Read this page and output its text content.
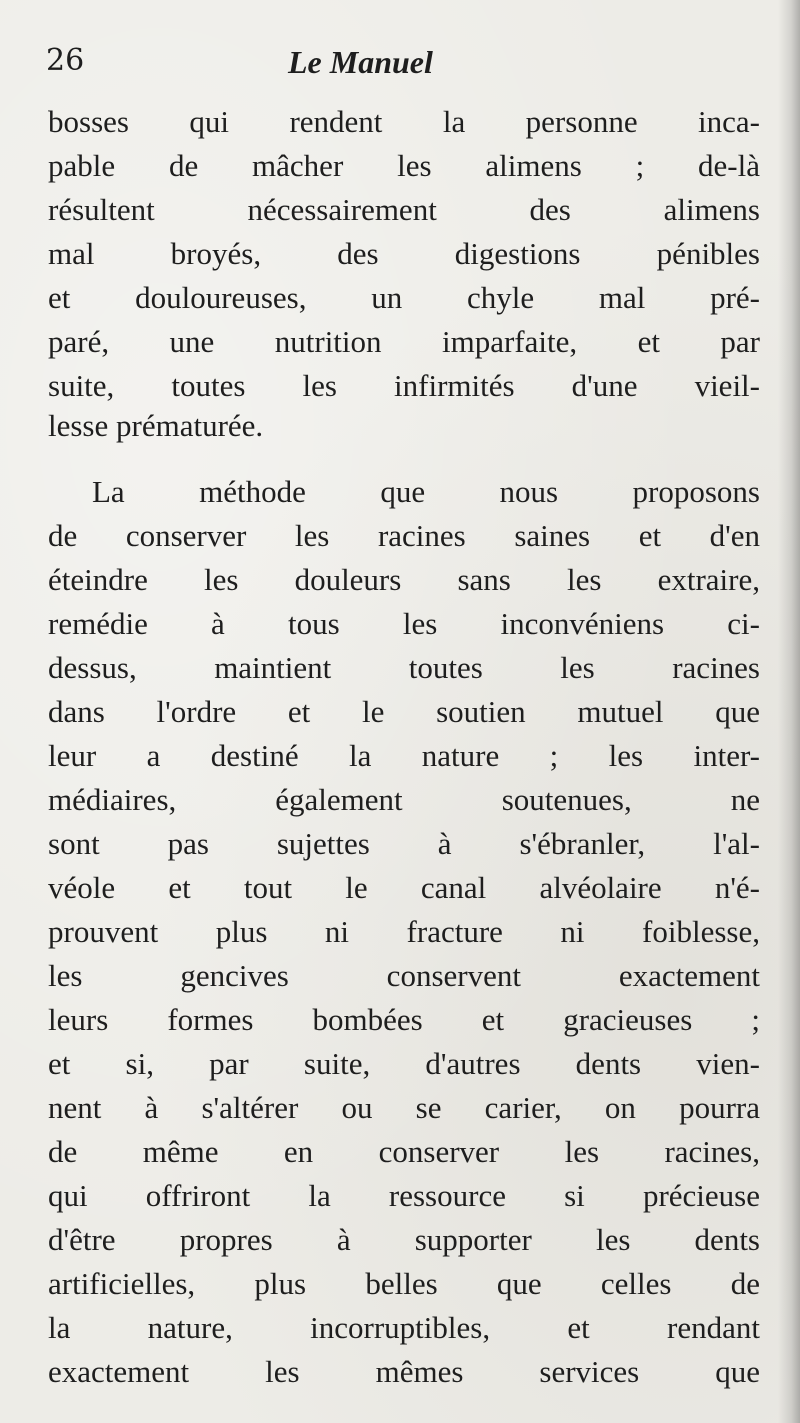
26	Le Manuel
bosses qui rendent la personne inca-
pable de mâcher les alimens ; de-là
résultent nécessairement des alimens
mal broyés, des digestions pénibles
et douloureuses, un chyle mal pré-
paré, une nutrition imparfaite, et par
suite, toutes les infirmités d'une vieil-
lesse prématurée.
La méthode que nous proposons
de conserver les racines saines et d'en
éteindre les douleurs sans les extraire,
remédie à tous les inconvéniens ci-
dessus, maintient toutes les racines
dans l'ordre et le soutien mutuel que
leur a destiné la nature ; les inter-
médiaires, également soutenues, ne
sont pas sujettes à s'ébranler, l'al-
véole et tout le canal alvéolaire n'é-
prouvent plus ni fracture ni foiblesse,
les gencives conservent exactement
leurs formes bombées et gracieuses ;
et si, par suite, d'autres dents vien-
nent à s'altérer ou se carier, on pourra
de même en conserver les racines,
qui offriront la ressource si précieuse
d'être propres à supporter les dents
artificielles, plus belles que celles de
la nature, incorruptibles, et rendant
exactement les mêmes services que
